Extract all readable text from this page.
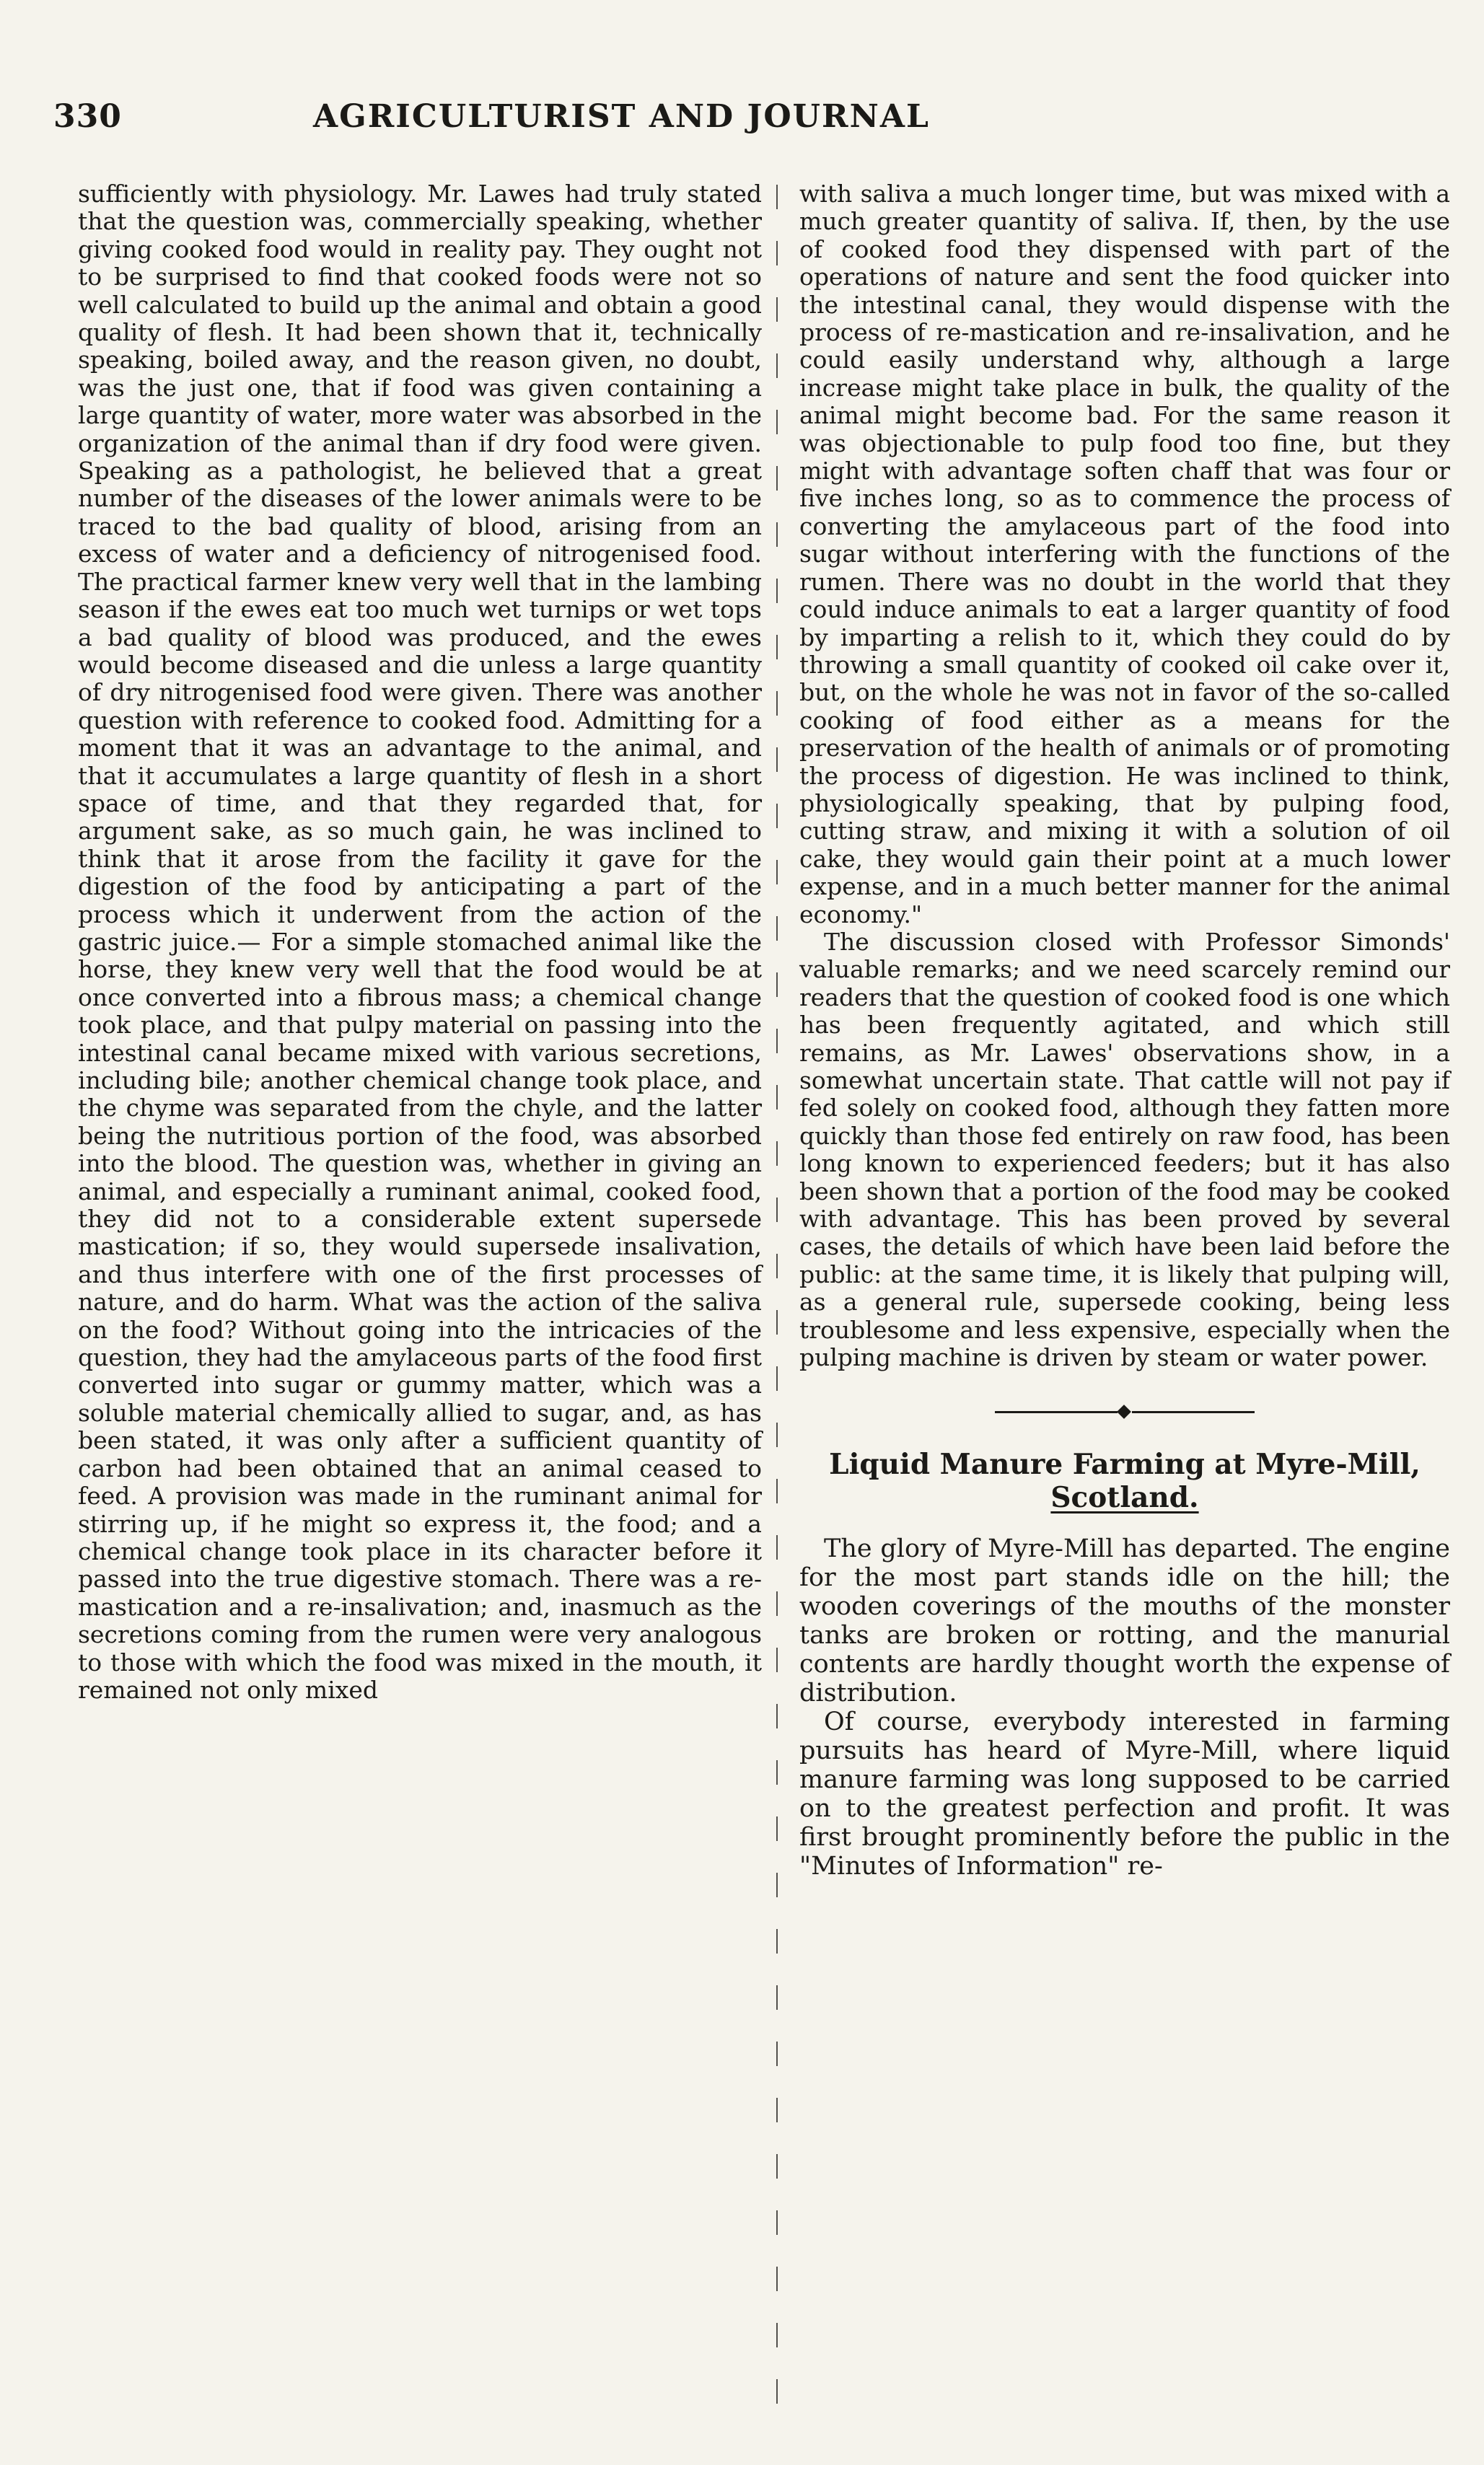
330	AGRICULTURIST AND JOURNAL

sufficiently with physiology. Mr. Lawes had truly stated that the question was, commercially speaking, whether giving cooked food would in reality pay. They ought not to be surprised to find that cooked foods were not so well calculated to build up the animal and obtain a good quality of flesh. It had been shown that it, technically speaking, boiled away, and the reason given, no doubt, was the just one, that if food was given containing a large quantity of water, more water was absorbed in the organization of the animal than if dry food were given. Speaking as a pathologist, he believed that a great number of the diseases of the lower animals were to be traced to the bad quality of blood, arising from an excess of water and a deficiency of nitrogenised food. The practical farmer knew very well that in the lambing season if the ewes eat too much wet turnips or wet tops a bad quality of blood was produced, and the ewes would become diseased and die unless a large quantity of dry nitrogenised food were given. There was another question with reference to cooked food. Admitting for a moment that it was an advantage to the animal, and that it accumulates a large quantity of flesh in a short space of time, and that they regarded that, for argument sake, as so much gain, he was inclined to think that it arose from the facility it gave for the digestion of the food by anticipating a part of the process which it underwent from the action of the gastric juice.— For a simple stomached animal like the horse, they knew very well that the food would be at once converted into a fibrous mass; a chemical change took place, and that pulpy material on passing into the intestinal canal became mixed with various secretions, including bile; another chemical change took place, and the chyme was separated from the chyle, and the latter being the nutritious portion of the food, was absorbed into the blood. The question was, whether in giving an animal, and especially a ruminant animal, cooked food, they did not to a considerable extent supersede mastication; if so, they would supersede insalivation, and thus interfere with one of the first processes of nature, and do harm. What was the action of the saliva on the food? Without going into the intricacies of the question, they had the amylaceous parts of the food first converted into sugar or gummy matter, which was a soluble material chemically allied to sugar, and, as has been stated, it was only after a sufficient quantity of carbon had been obtained that an animal ceased to feed. A provision was made in the ruminant animal for stirring up, if he might so express it, the food; and a chemical change took place in its character before it passed into the true digestive stomach. There was a re-mastication and a re-insalivation; and, inasmuch as the secretions coming from the rumen were very analogous to those with which the food was mixed in the mouth, it remained not only mixed

with saliva a much longer time, but was mixed with a much greater quantity of saliva. If, then, by the use of cooked food they dispensed with part of the operations of nature and sent the food quicker into the intestinal canal, they would dispense with the process of re-mastication and re-insalivation, and he could easily understand why, although a large increase might take place in bulk, the quality of the animal might become bad. For the same reason it was objectionable to pulp food too fine, but they might with advantage soften chaff that was four or five inches long, so as to commence the process of converting the amylaceous part of the food into sugar without interfering with the functions of the rumen. There was no doubt in the world that they could induce animals to eat a larger quantity of food by imparting a relish to it, which they could do by throwing a small quantity of cooked oil cake over it, but, on the whole he was not in favor of the so-called cooking of food either as a means for the preservation of the health of animals or of promoting the process of digestion. He was inclined to think, physiologically speaking, that by pulping food, cutting straw, and mixing it with a solution of oil cake, they would gain their point at a much lower expense, and in a much better manner for the animal economy."

The discussion closed with Professor Simonds' valuable remarks; and we need scarcely remind our readers that the question of cooked food is one which has been frequently agitated, and which still remains, as Mr. Lawes' observations show, in a somewhat uncertain state. That cattle will not pay if fed solely on cooked food, although they fatten more quickly than those fed entirely on raw food, has been long known to experienced feeders; but it has also been shown that a portion of the food may be cooked with advantage. This has been proved by several cases, the details of which have been laid before the public: at the same time, it is likely that pulping will, as a general rule, supersede cooking, being less troublesome and less expensive, especially when the pulping machine is driven by steam or water power.

Liquid Manure Farming at Myre-Mill,
Scotland.

The glory of Myre-Mill has departed. The engine for the most part stands idle on the hill; the wooden coverings of the mouths of the monster tanks are broken or rotting, and the manurial contents are hardly thought worth the expense of distribution.

Of course, everybody interested in farming pursuits has heard of Myre-Mill, where liquid manure farming was long supposed to be carried on to the greatest perfection and profit. It was first brought prominently before the public in the "Minutes of Information" re-
